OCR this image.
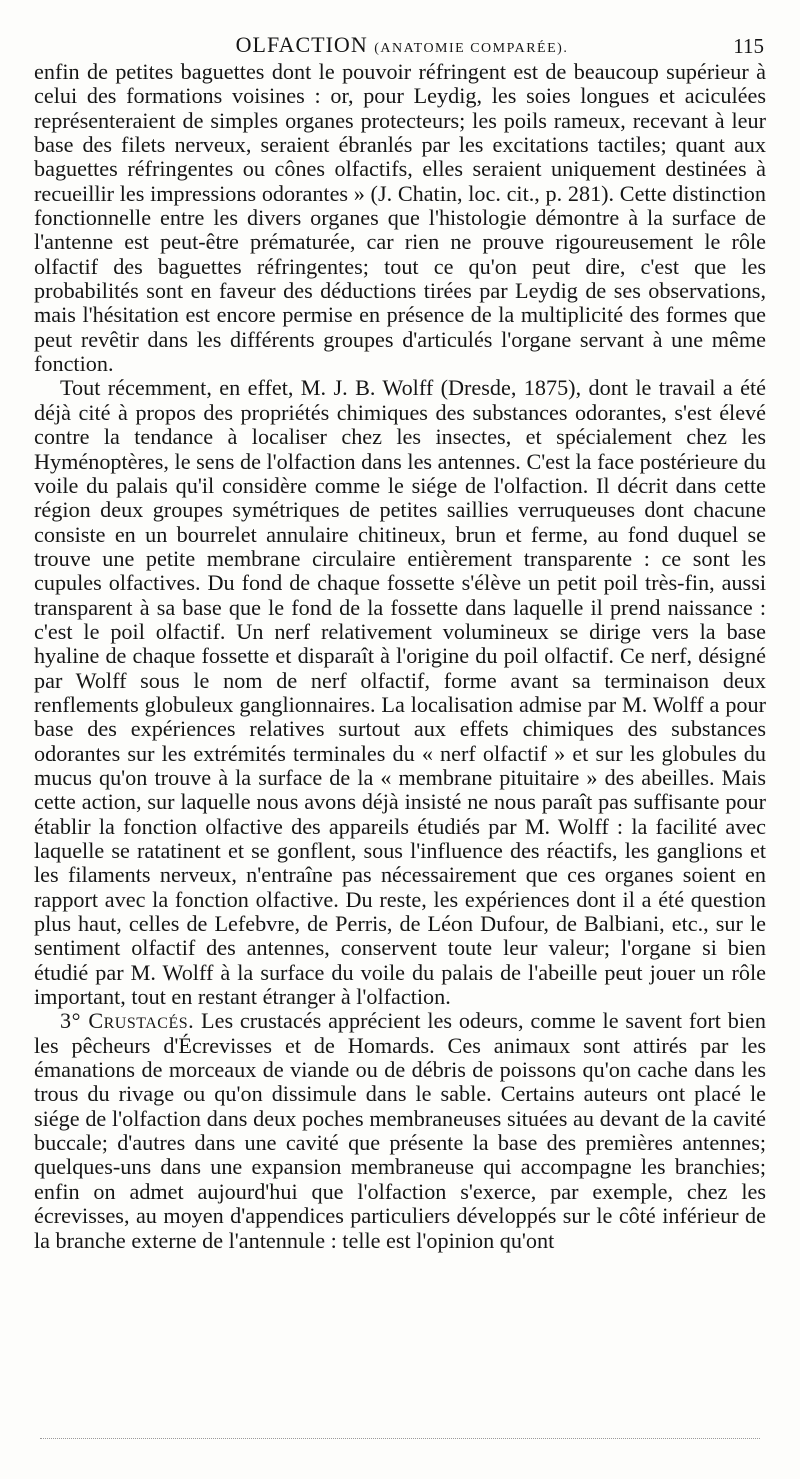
OLFACTION (ANATOMIE COMPARÉE).	115

enfin de petites baguettes dont le pouvoir réfringent est de beaucoup supérieur à celui des formations voisines : or, pour Leydig, les soies longues et aciculées représenteraient de simples organes protecteurs; les poils rameux, recevant à leur base des filets nerveux, seraient ébranlés par les excitations tactiles; quant aux baguettes réfringentes ou cônes olfactifs, elles seraient uniquement destinées à recueillir les impressions odorantes » (J. Chatin, loc. cit., p. 281). Cette distinction fonctionnelle entre les divers organes que l'histologie démontre à la surface de l'antenne est peut-être prématurée, car rien ne prouve rigoureusement le rôle olfactif des baguettes réfringentes; tout ce qu'on peut dire, c'est que les probabilités sont en faveur des déductions tirées par Leydig de ses observations, mais l'hésitation est encore permise en présence de la multiplicité des formes que peut revêtir dans les différents groupes d'articulés l'organe servant à une même fonction.

Tout récemment, en effet, M. J. B. Wolff (Dresde, 1875), dont le travail a été déjà cité à propos des propriétés chimiques des substances odorantes, s'est élevé contre la tendance à localiser chez les insectes, et spécialement chez les Hyménoptères, le sens de l'olfaction dans les antennes. C'est la face postérieure du voile du palais qu'il considère comme le siége de l'olfaction. Il décrit dans cette région deux groupes symétriques de petites saillies verruqueuses dont chacune consiste en un bourrelet annulaire chitineux, brun et ferme, au fond duquel se trouve une petite membrane circulaire entièrement transparente : ce sont les cupules olfactives. Du fond de chaque fossette s'élève un petit poil très-fin, aussi transparent à sa base que le fond de la fossette dans laquelle il prend naissance : c'est le poil olfactif. Un nerf relativement volumineux se dirige vers la base hyaline de chaque fossette et disparaît à l'origine du poil olfactif. Ce nerf, désigné par Wolff sous le nom de nerf olfactif, forme avant sa terminaison deux renflements globuleux ganglionnaires. La localisation admise par M. Wolff a pour base des expériences relatives surtout aux effets chimiques des substances odorantes sur les extrémités terminales du « nerf olfactif » et sur les globules du mucus qu'on trouve à la surface de la « membrane pituitaire » des abeilles. Mais cette action, sur laquelle nous avons déjà insisté ne nous paraît pas suffisante pour établir la fonction olfactive des appareils étudiés par M. Wolff : la facilité avec laquelle se ratatinent et se gonflent, sous l'influence des réactifs, les ganglions et les filaments nerveux, n'entraîne pas nécessairement que ces organes soient en rapport avec la fonction olfactive. Du reste, les expériences dont il a été question plus haut, celles de Lefebvre, de Perris, de Léon Dufour, de Balbiani, etc., sur le sentiment olfactif des antennes, conservent toute leur valeur; l'organe si bien étudié par M. Wolff à la surface du voile du palais de l'abeille peut jouer un rôle important, tout en restant étranger à l'olfaction.

3° Crustacés. Les crustacés apprécient les odeurs, comme le savent fort bien les pêcheurs d'Écrevisses et de Homards. Ces animaux sont attirés par les émanations de morceaux de viande ou de débris de poissons qu'on cache dans les trous du rivage ou qu'on dissimule dans le sable. Certains auteurs ont placé le siége de l'olfaction dans deux poches membraneuses situées au devant de la cavité buccale; d'autres dans une cavité que présente la base des premières antennes; quelques-uns dans une expansion membraneuse qui accompagne les branchies; enfin on admet aujourd'hui que l'olfaction s'exerce, par exemple, chez les écrevisses, au moyen d'appendices particuliers développés sur le côté inférieur de la branche externe de l'antennule : telle est l'opinion qu'ont
